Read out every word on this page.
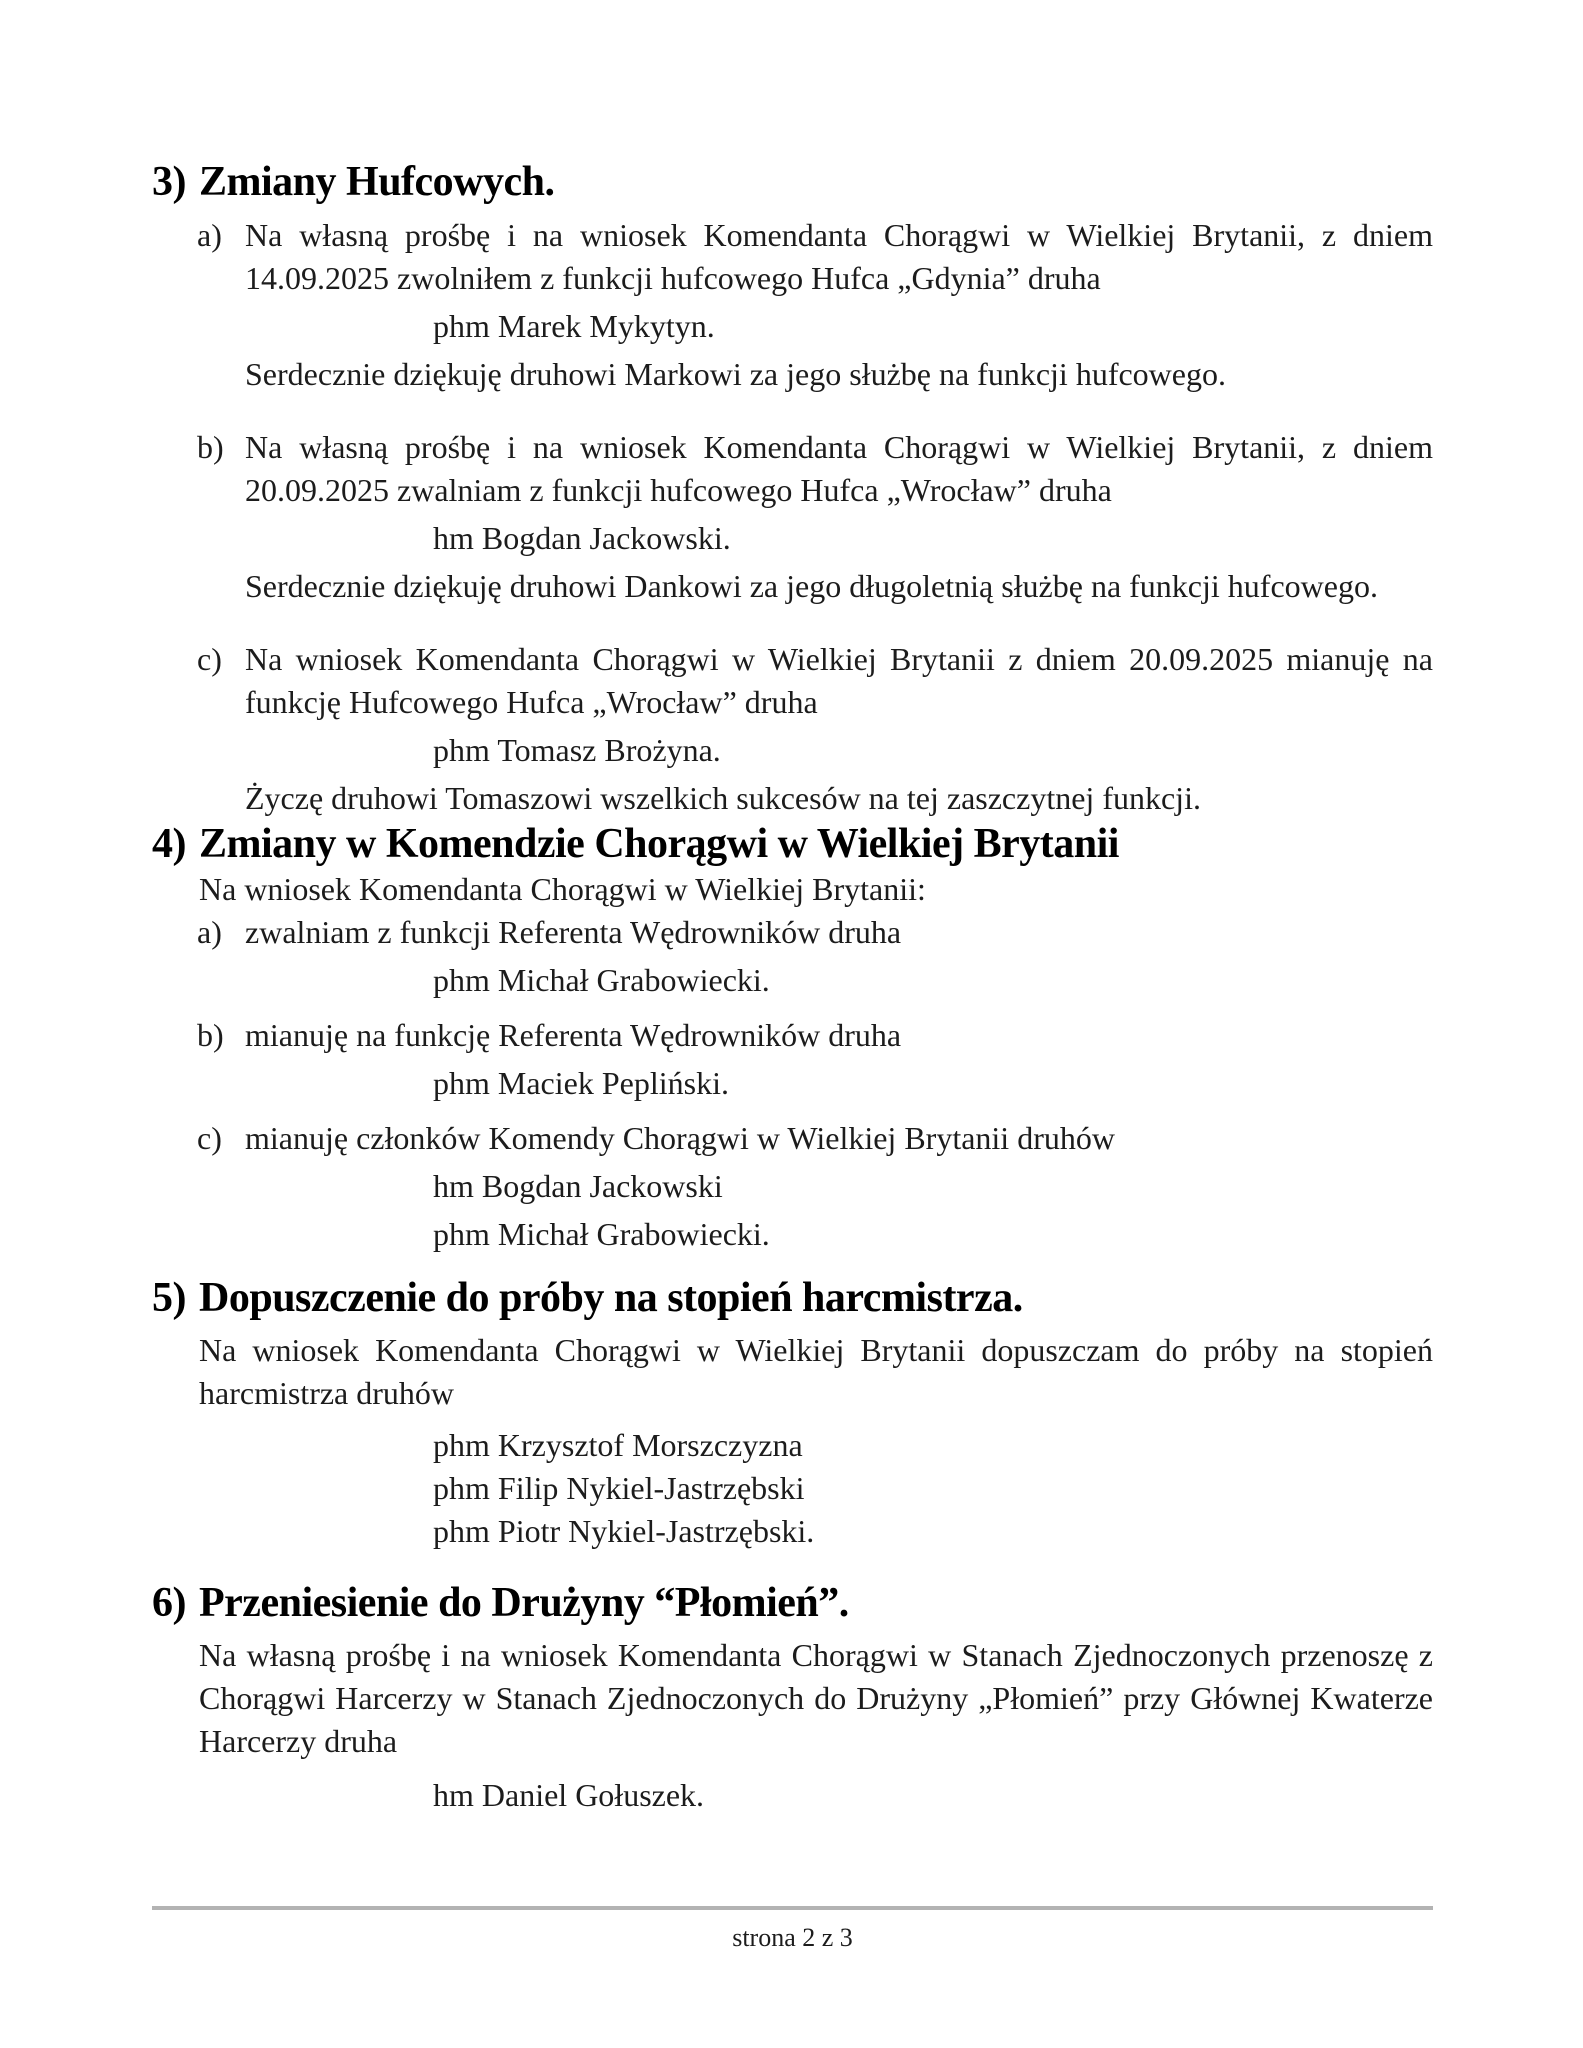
3) Zmiany Hufcowych.
a) Na własną prośbę i na wniosek Komendanta Chorągwi w Wielkiej Brytanii, z dniem 14.09.2025 zwolniłem z funkcji hufcowego Hufca „Gdynia” druha

phm Marek Mykytyn.

Serdecznie dziękuję druhowi Markowi za jego służbę na funkcji hufcowego.

b) Na własną prośbę i na wniosek Komendanta Chorągwi w Wielkiej Brytanii, z dniem 20.09.2025 zwalniam z funkcji hufcowego Hufca „Wrocław” druha

hm Bogdan Jackowski.

Serdecznie dziękuję druhowi Dankowi za jego długoletnią służbę na funkcji hufcowego.

c) Na wniosek Komendanta Chorągwi w Wielkiej Brytanii z dniem 20.09.2025 mianuję na funkcję Hufcowego Hufca „Wrocław” druha

phm Tomasz Brożyna.

Życzę druhowi Tomaszowi wszelkich sukcesów na tej zaszczytnej funkcji.

4) Zmiany w Komendzie Chorągwi w Wielkiej Brytanii

Na wniosek Komendanta Chorągwi w Wielkiej Brytanii:

a) zwalniam z funkcji Referenta Wędrowników druha

phm Michał Grabowiecki.

b) mianuję na funkcję Referenta Wędrowników druha

phm Maciek Pepliński.

c) mianuję członków Komendy Chorągwi w Wielkiej Brytanii druhów

hm Bogdan Jackowski

phm Michał Grabowiecki.

5) Dopuszczenie do próby na stopień harcmistrza.

Na wniosek Komendanta Chorągwi w Wielkiej Brytanii dopuszczam do próby na stopień harcmistrza druhów

phm Krzysztof Morszczyzna

phm Filip Nykiel-Jastrzębski

phm Piotr Nykiel-Jastrzębski.

6) Przeniesienie do Drużyny “Płomień”.

Na własną prośbę i na wniosek Komendanta Chorągwi w Stanach Zjednoczonych przenoszę z Chorągwi Harcerzy w Stanach Zjednoczonych do Drużyny „Płomień” przy Głównej Kwaterze Harcerzy druha

hm Daniel Gołuszek.

strona 2 z 3
